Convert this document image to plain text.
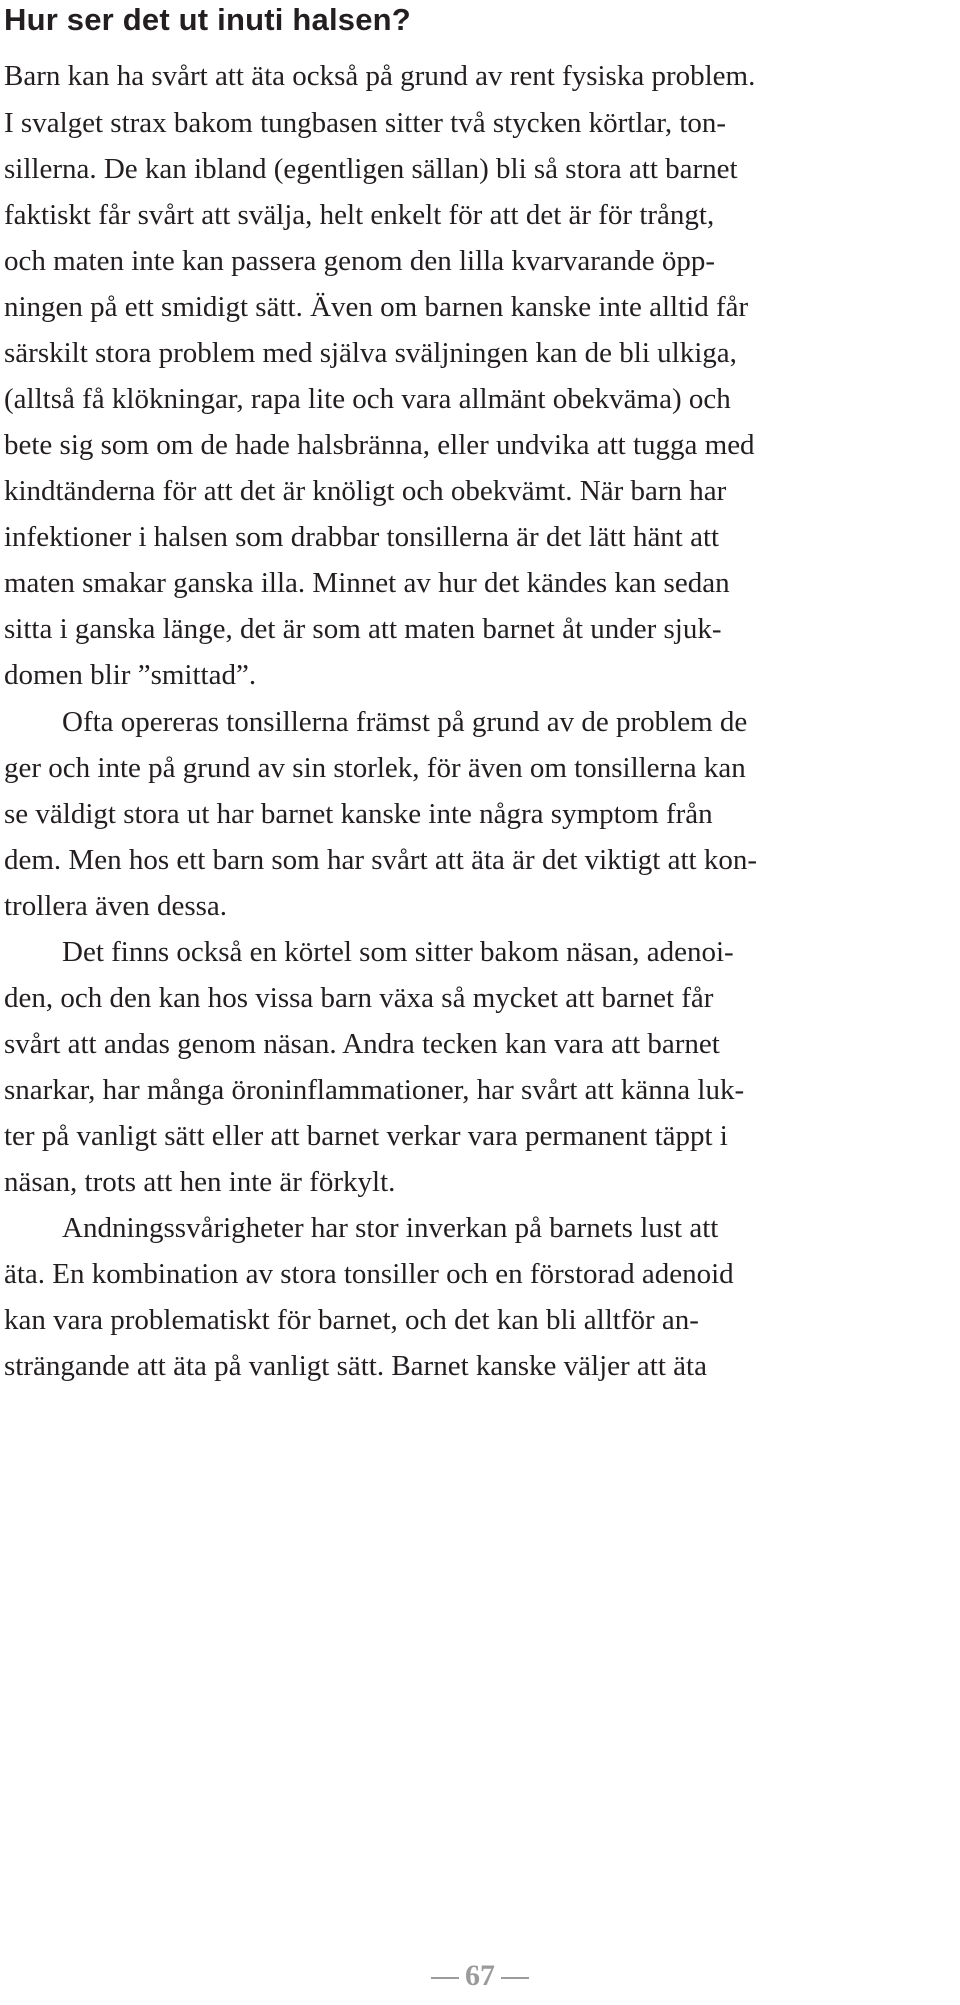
Hur ser det ut inuti halsen?
Barn kan ha svårt att äta också på grund av rent fysiska problem.
I svalget strax bakom tungbasen sitter två stycken körtlar, ton-
sillerna. De kan ibland (egentligen sällan) bli så stora att barnet
faktiskt får svårt att svälja, helt enkelt för att det är för trångt,
och maten inte kan passera genom den lilla kvarvarande öpp-
ningen på ett smidigt sätt. Även om barnen kanske inte alltid får
särskilt stora problem med själva sväljningen kan de bli ulkiga,
(alltså få klökningar, rapa lite och vara allmänt obekväma) och
bete sig som om de hade halsbränna, eller undvika att tugga med
kindtänderna för att det är knöligt och obekvämt. När barn har
infektioner i halsen som drabbar tonsillerna är det lätt hänt att
maten smakar ganska illa. Minnet av hur det kändes kan sedan
sitta i ganska länge, det är som att maten barnet åt under sjuk-
domen blir ”smittad”.
Ofta opereras tonsillerna främst på grund av de problem de
ger och inte på grund av sin storlek, för även om tonsillerna kan
se väldigt stora ut har barnet kanske inte några symptom från
dem. Men hos ett barn som har svårt att äta är det viktigt att kon-
trollera även dessa.
Det finns också en körtel som sitter bakom näsan, adenoi-
den, och den kan hos vissa barn växa så mycket att barnet får
svårt att andas genom näsan. Andra tecken kan vara att barnet
snarkar, har många öroninflammationer, har svårt att känna luk-
ter på vanligt sätt eller att barnet verkar vara permanent täppt i
näsan, trots att hen inte är förkylt.
Andningssvårigheter har stor inverkan på barnets lust att
äta. En kombination av stora tonsiller och en förstorad adenoid
kan vara problematiskt för barnet, och det kan bli alltför an-
strängande att äta på vanligt sätt. Barnet kanske väljer att äta
67
